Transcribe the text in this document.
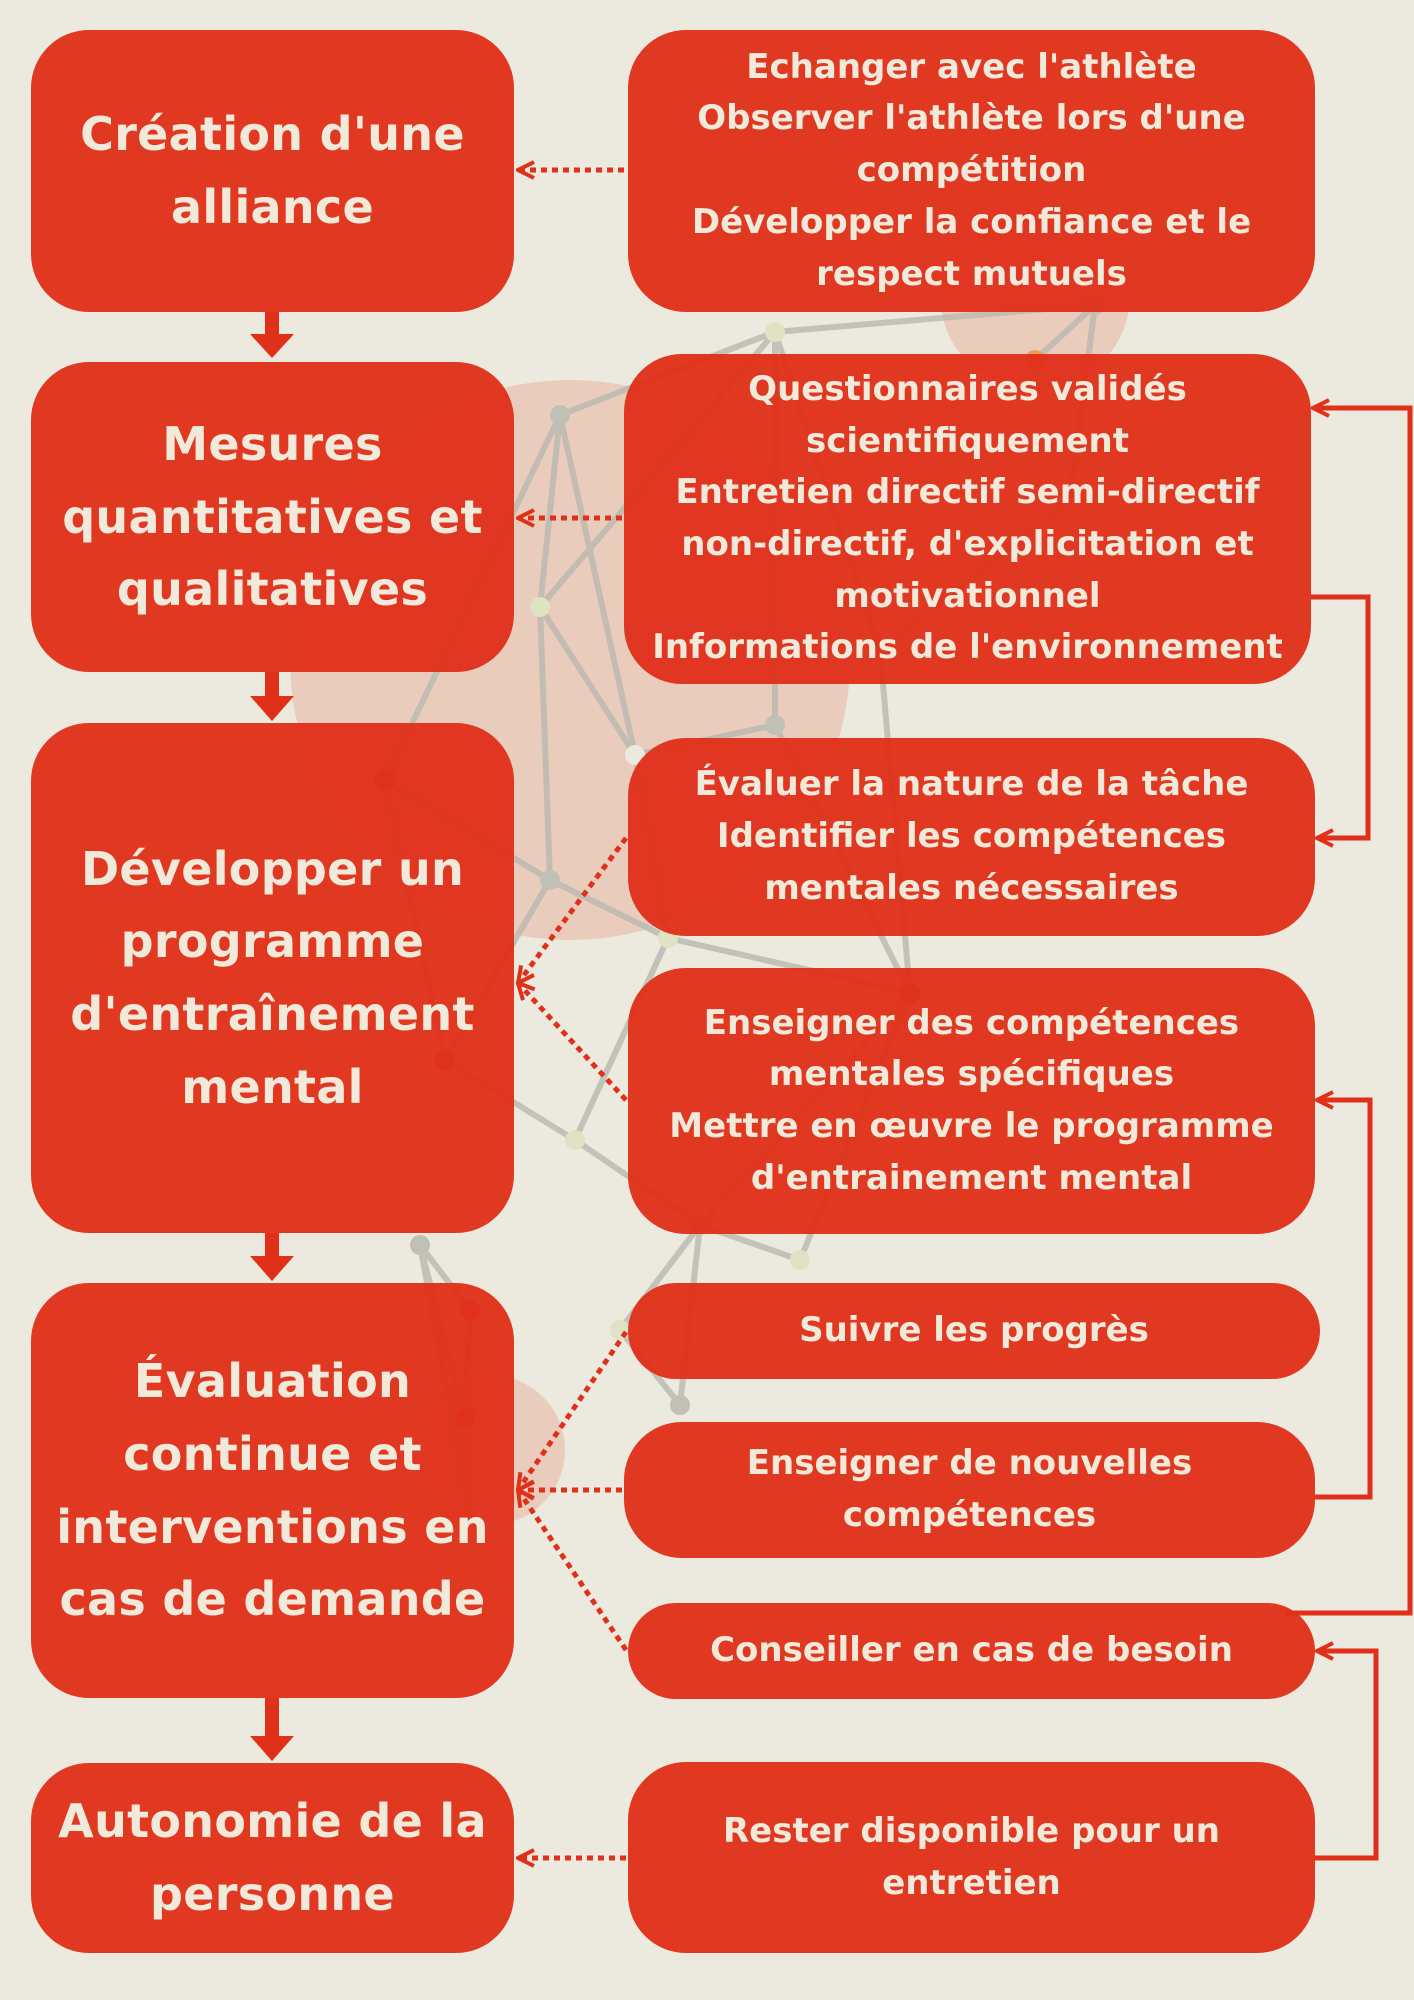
Création d'une
alliance
Mesures
quantitatives et
qualitatives
Développer un
programme
d'entraînement
mental
Évaluation
continue et
interventions en
cas de demande
Autonomie de la
personne
Echanger avec l'athlète
Observer l'athlète lors d'une
compétition
Développer la confiance et le
respect mutuels
Questionnaires validés
scientifiquement
Entretien directif semi-directif
non-directif, d'explicitation et
motivationnel
Informations de l'environnement
Évaluer la nature de la tâche
Identifier les compétences
mentales nécessaires
Enseigner des compétences
mentales spécifiques
Mettre en œuvre le programme
d'entrainement mental
Suivre les progrès
Enseigner de nouvelles
compétences
Conseiller en cas de besoin
Rester disponible pour un
entretien
